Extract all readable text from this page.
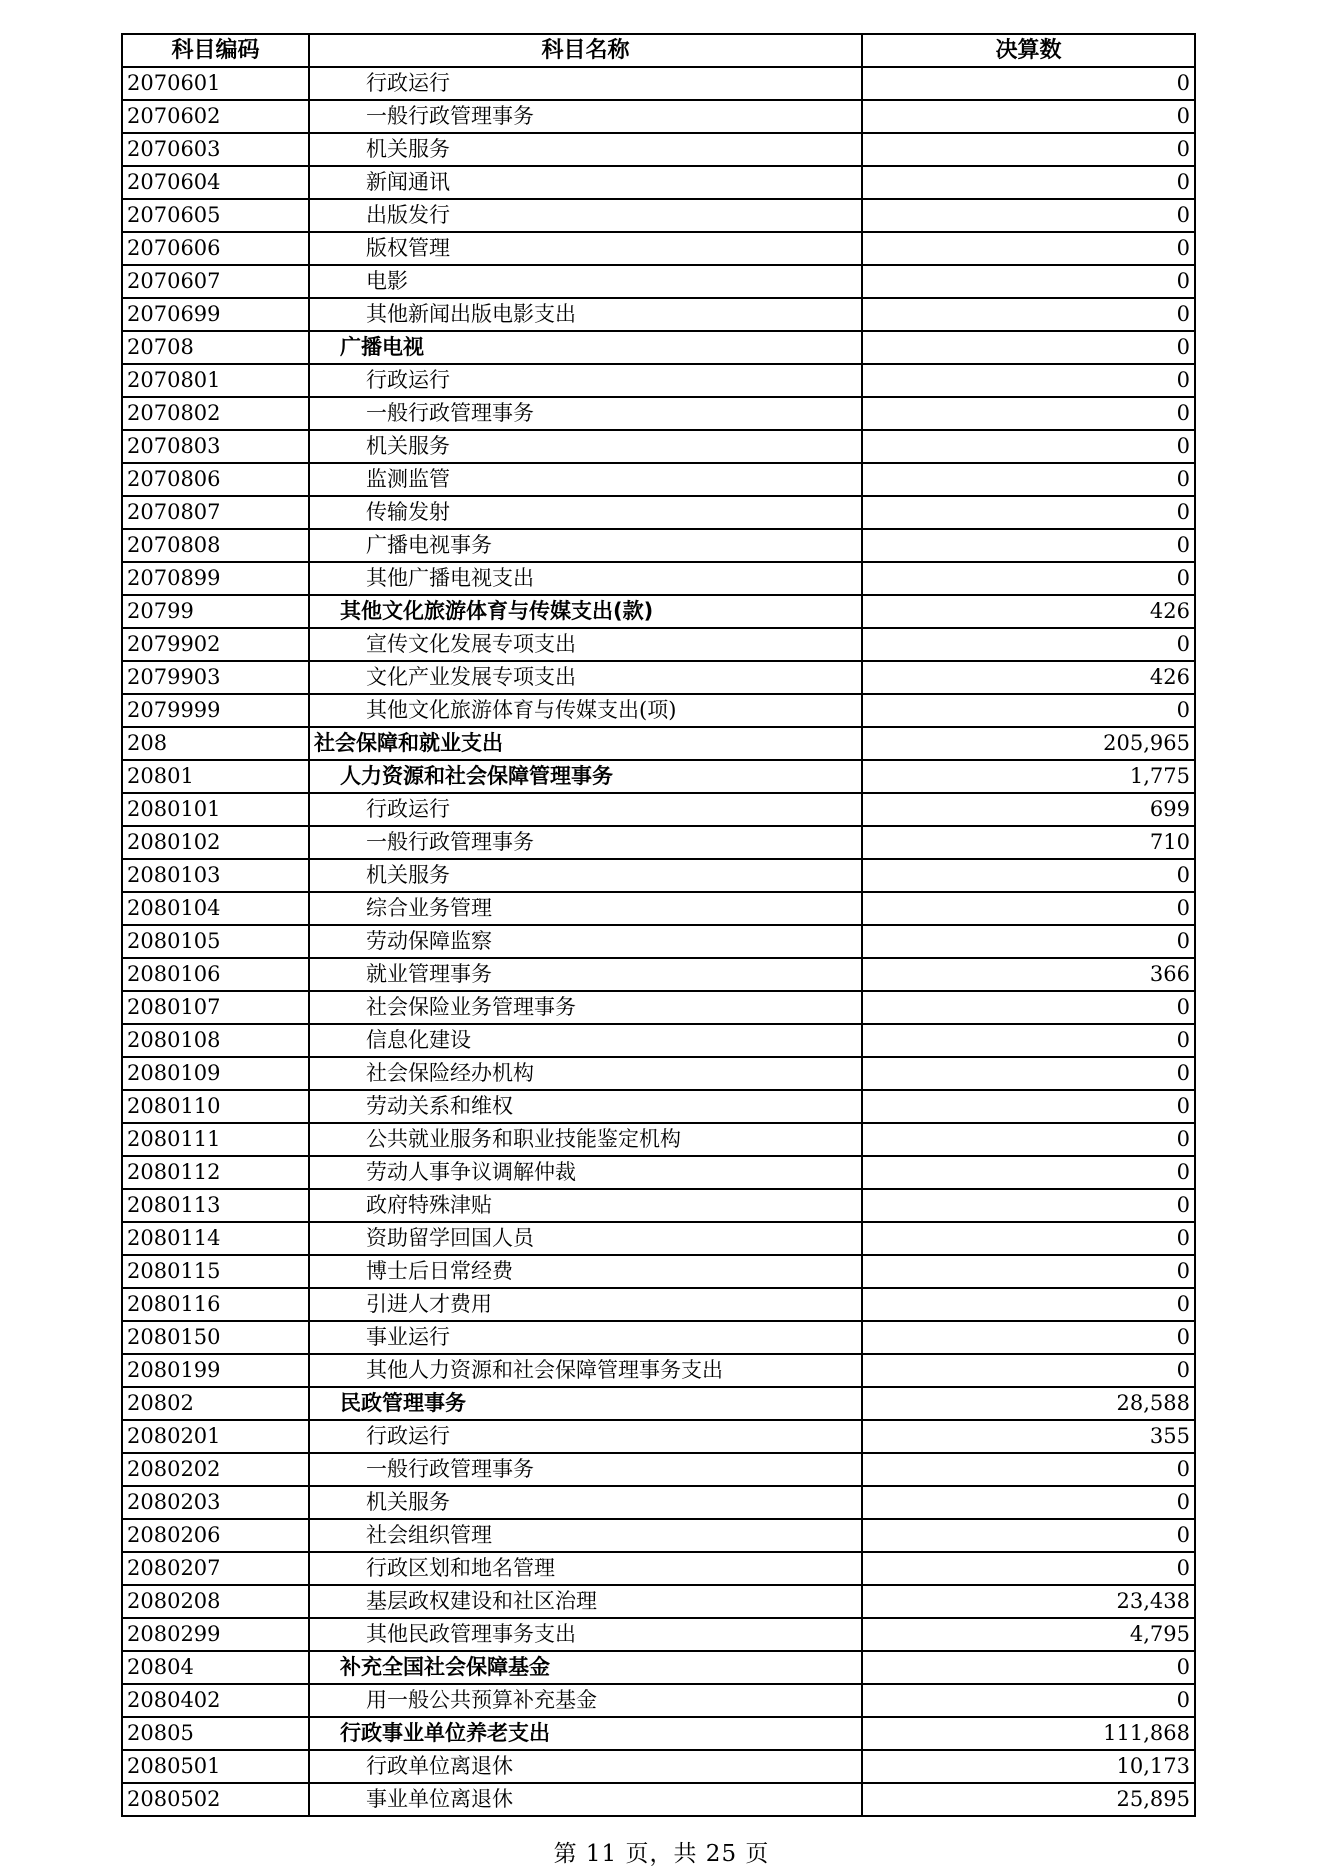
科目编码	科目名称	决算数
2070601	行政运行	0
2070602	一般行政管理事务	0
2070603	机关服务	0
2070604	新闻通讯	0
2070605	出版发行	0
2070606	版权管理	0
2070607	电影	0
2070699	其他新闻出版电影支出	0
20708	广播电视	0
2070801	行政运行	0
2070802	一般行政管理事务	0
2070803	机关服务	0
2070806	监测监管	0
2070807	传输发射	0
2070808	广播电视事务	0
2070899	其他广播电视支出	0
20799	其他文化旅游体育与传媒支出(款)	426
2079902	宣传文化发展专项支出	0
2079903	文化产业发展专项支出	426
2079999	其他文化旅游体育与传媒支出(项)	0
208	社会保障和就业支出	205,965
20801	人力资源和社会保障管理事务	1,775
2080101	行政运行	699
2080102	一般行政管理事务	710
2080103	机关服务	0
2080104	综合业务管理	0
2080105	劳动保障监察	0
2080106	就业管理事务	366
2080107	社会保险业务管理事务	0
2080108	信息化建设	0
2080109	社会保险经办机构	0
2080110	劳动关系和维权	0
2080111	公共就业服务和职业技能鉴定机构	0
2080112	劳动人事争议调解仲裁	0
2080113	政府特殊津贴	0
2080114	资助留学回国人员	0
2080115	博士后日常经费	0
2080116	引进人才费用	0
2080150	事业运行	0
2080199	其他人力资源和社会保障管理事务支出	0
20802	民政管理事务	28,588
2080201	行政运行	355
2080202	一般行政管理事务	0
2080203	机关服务	0
2080206	社会组织管理	0
2080207	行政区划和地名管理	0
2080208	基层政权建设和社区治理	23,438
2080299	其他民政管理事务支出	4,795
20804	补充全国社会保障基金	0
2080402	用一般公共预算补充基金	0
20805	行政事业单位养老支出	111,868
2080501	行政单位离退休	10,173
2080502	事业单位离退休	25,895
第 11 页，共 25 页
